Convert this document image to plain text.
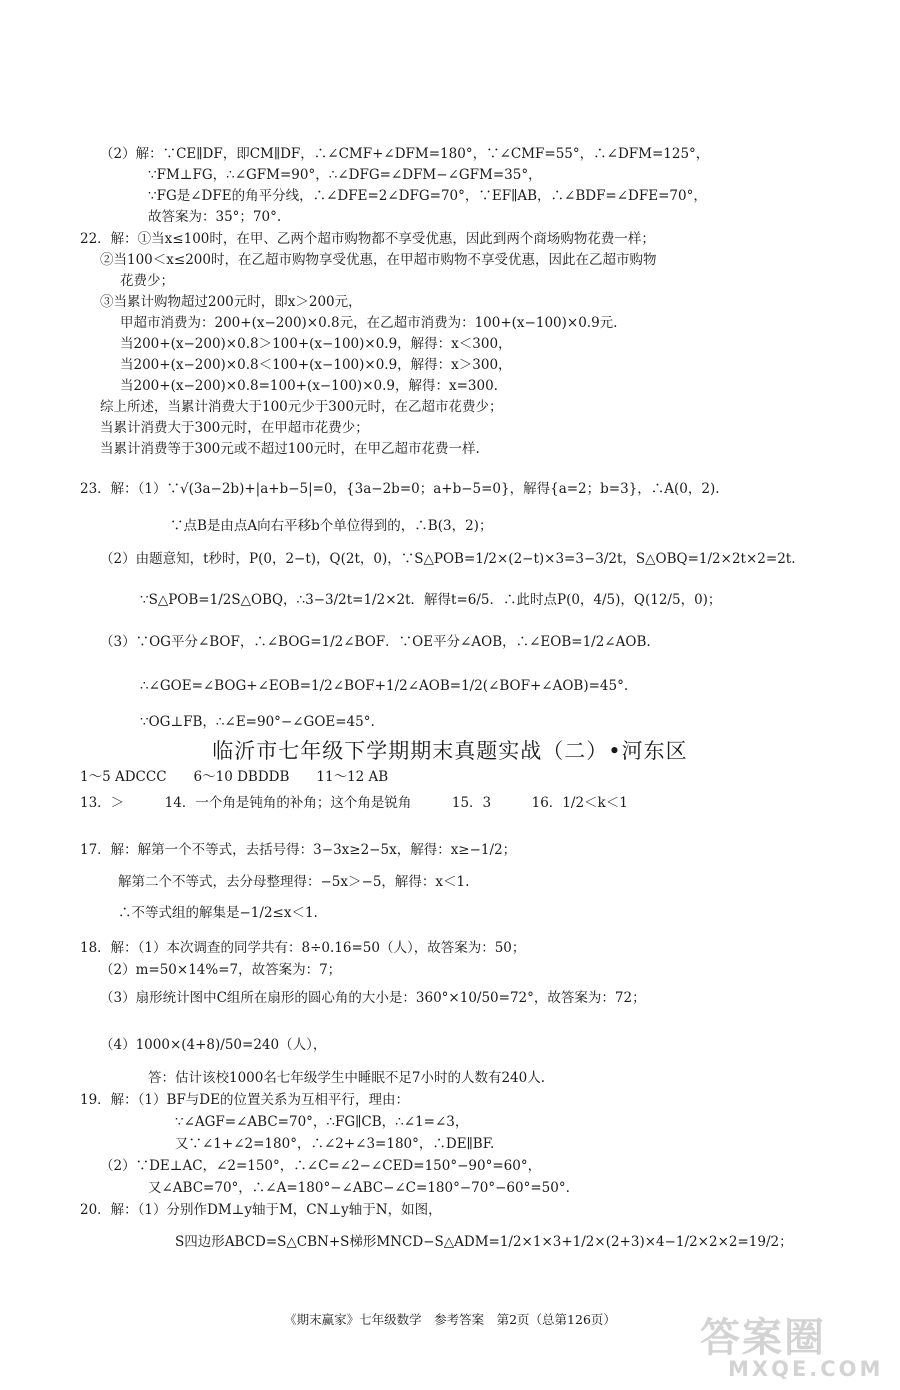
（2）解：∵CE∥DF，即CM∥DF，∴∠CMF+∠DFM=180°，∵∠CMF=55°，∴∠DFM=125°，
∵FM⊥FG，∴∠GFM=90°，∴∠DFG=∠DFM−∠GFM=35°，
∵FG是∠DFE的角平分线，∴∠DFE=2∠DFG=70°，∵EF∥AB，∴∠BDF=∠DFE=70°，
故答案为：35°；70°.
22．解：①当x≤100时，在甲、乙两个超市购物都不享受优惠，因此到两个商场购物花费一样；
②当100＜x≤200时，在乙超市购物享受优惠，在甲超市购物不享受优惠，因此在乙超市购物
花费少；
③当累计购物超过200元时，即x＞200元，
甲超市消费为：200+(x−200)×0.8元，在乙超市消费为：100+(x−100)×0.9元.
当200+(x−200)×0.8＞100+(x−100)×0.9，解得：x＜300，
当200+(x−200)×0.8＜100+(x−100)×0.9，解得：x＞300，
当200+(x−200)×0.8=100+(x−100)×0.9，解得：x=300.
综上所述，当累计消费大于100元少于300元时，在乙超市花费少；
当累计消费大于300元时，在甲超市花费少；
当累计消费等于300元或不超过100元时，在甲乙超市花费一样.
23．解：（1）∵√(3a−2b)+|a+b−5|=0，{3a−2b=0；a+b−5=0}，解得{a=2；b=3}，∴A(0，2).
∵点B是由点A向右平移b个单位得到的，∴B(3，2)；
（2）由题意知，t秒时，P(0，2−t)，Q(2t，0)，∵S△POB=1/2×(2−t)×3=3−3/2t，S△OBQ=1/2×2t×2=2t.
∵S△POB=1/2S△OBQ，∴3−3/2t=1/2×2t．解得t=6/5．∴此时点P(0，4/5)，Q(12/5，0)；
（3）∵OG平分∠BOF，∴∠BOG=1/2∠BOF．∵OE平分∠AOB，∴∠EOB=1/2∠AOB.
∴∠GOE=∠BOG+∠EOB=1/2∠BOF+1/2∠AOB=1/2(∠BOF+∠AOB)=45°.
∵OG⊥FB，∴∠E=90°−∠GOE=45°.
临沂市七年级下学期期末真题实战（二）•河东区
1～5 ADCCC　　6～10 DBDDB　　11～12 AB
13．＞　　　14．一个角是钝角的补角；这个角是锐角　　　15．3　　　16．1/2＜k＜1
17．解：解第一个不等式，去括号得：3−3x≥2−5x，解得：x≥−1/2；
解第二个不等式，去分母整理得：−5x＞−5，解得：x＜1.
∴不等式组的解集是−1/2≤x＜1.
18．解：（1）本次调查的同学共有：8÷0.16=50（人），故答案为：50；
（2）m=50×14%=7，故答案为：7；
（3）扇形统计图中C组所在扇形的圆心角的大小是：360°×10/50=72°，故答案为：72；
（4）1000×(4+8)/50=240（人），
答：估计该校1000名七年级学生中睡眠不足7小时的人数有240人.
19．解：（1）BF与DE的位置关系为互相平行，理由：
∵∠AGF=∠ABC=70°，∴FG∥CB，∴∠1=∠3，
又∵∠1+∠2=180°，∴∠2+∠3=180°，∴DE∥BF.
（2）∵DE⊥AC，∠2=150°，∴∠C=∠2−∠CED=150°−90°=60°，
又∠ABC=70°，∴∠A=180°−∠ABC−∠C=180°−70°−60°=50°.
20．解：（1）分别作DM⊥y轴于M，CN⊥y轴于N，如图，
S四边形ABCD=S△CBN+S梯形MNCD−S△ADM=1/2×1×3+1/2×(2+3)×4−1/2×2×2=19/2；
《期末赢家》七年级数学　参考答案　第2页（总第126页）	答案圈
MXQE.COM
